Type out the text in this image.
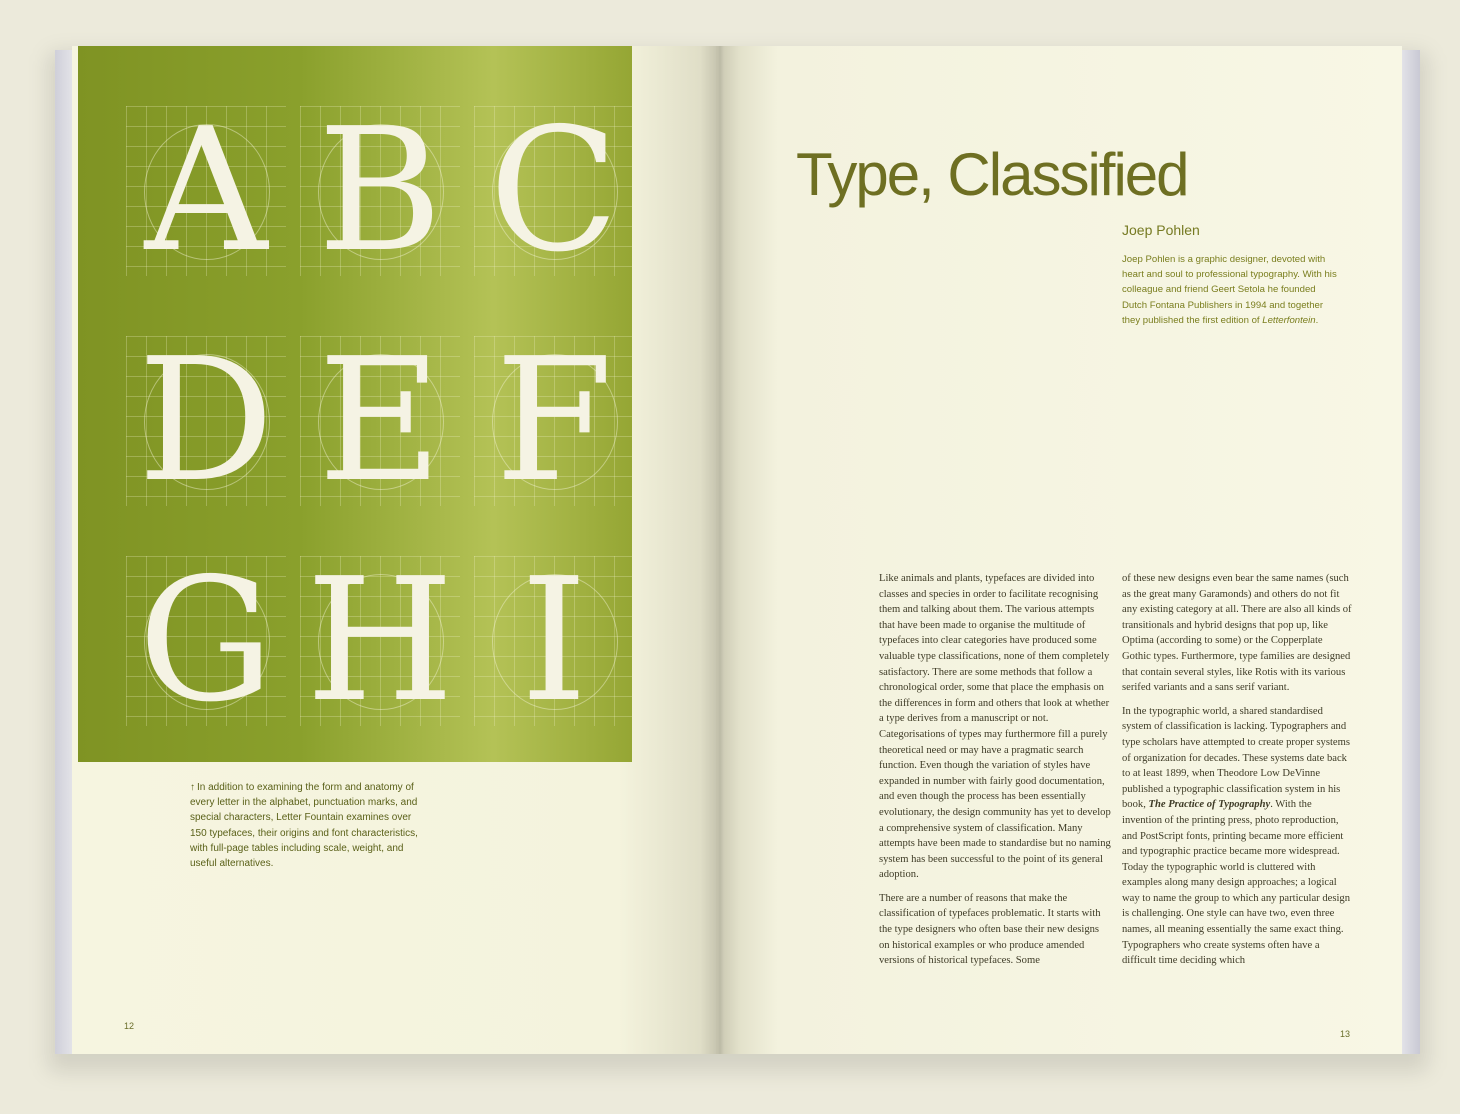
A B C
D E F
G H I
↑ In addition to examining the form and anatomy of every letter in the alphabet, punctuation marks, and special characters, Letter Fountain examines over 150 typefaces, their origins and font characteristics, with full-page tables including scale, weight, and useful alternatives.
12
Type, Classified
Joep Pohlen
Joep Pohlen is a graphic designer, devoted with heart and soul to professional typography. With his colleague and friend Geert Setola he founded Dutch Fontana Publishers in 1994 and together they published the first edition of Letterfontein.

Like animals and plants, typefaces are divided into classes and species in order to facilitate recognising them and talking about them. The various attempts that have been made to organise the multitude of typefaces into clear categories have produced some valuable type classifications, none of them completely satisfactory. There are some methods that follow a chronological order, some that place the emphasis on the differences in form and others that look at whether a type derives from a manuscript or not. Categorisations of types may furthermore fill a purely theoretical need or may have a pragmatic search function. Even though the variation of styles have expanded in number with fairly good documentation, and even though the process has been essentially evolutionary, the design community has yet to develop a comprehensive system of classification. Many attempts have been made to standardise but no naming system has been successful to the point of its general adoption.

There are a number of reasons that make the classification of typefaces problematic. It starts with the type designers who often base their new designs on historical examples or who produce amended versions of historical typefaces. Some

of these new designs even bear the same names (such as the great many Garamonds) and others do not fit any existing category at all. There are also all kinds of transitionals and hybrid designs that pop up, like Optima (according to some) or the Copperplate Gothic types. Furthermore, type families are designed that contain several styles, like Rotis with its various serifed variants and a sans serif variant.

In the typographic world, a shared standardised system of classification is lacking. Typographers and type scholars have attempted to create proper systems of organization for decades. These systems date back to at least 1899, when Theodore Low DeVinne published a typographic classification system in his book, The Practice of Typography. With the invention of the printing press, photo reproduction, and PostScript fonts, printing became more efficient and typographic practice became more widespread. Today the typographic world is cluttered with examples along many design approaches; a logical way to name the group to which any particular design is challenging. One style can have two, even three names, all meaning essentially the same exact thing. Typographers who create systems often have a difficult time deciding which

13
